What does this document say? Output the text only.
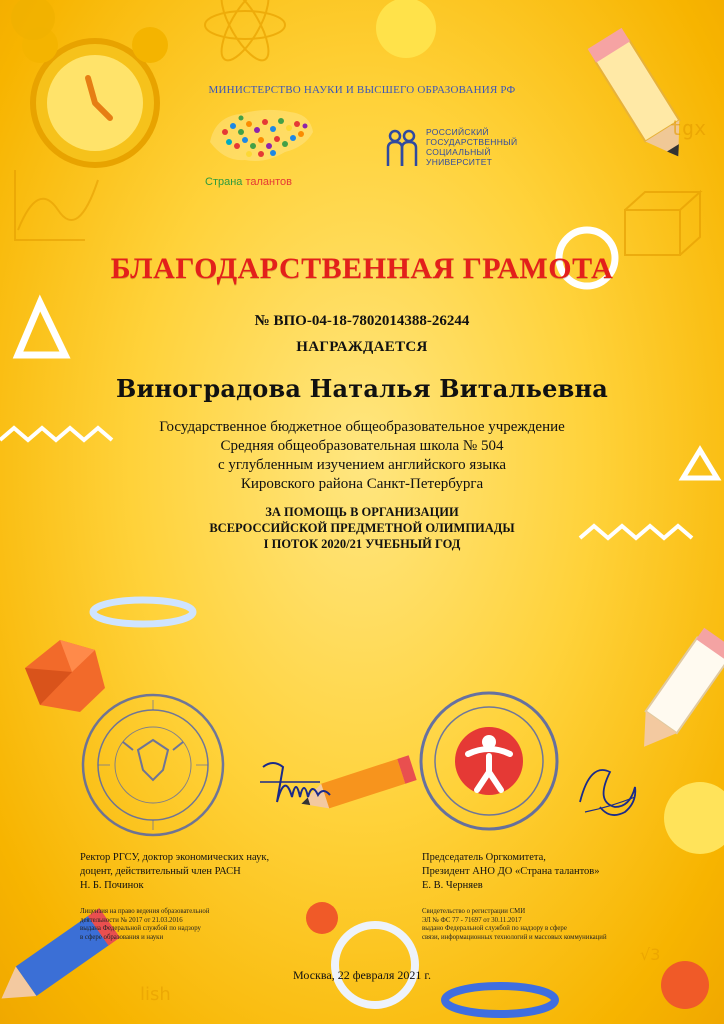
tgx
lish
√3
МИНИСТЕРСТВО НАУКИ И ВЫСШЕГО ОБРАЗОВАНИЯ РФ
Страна талантов
РОССИЙСКИЙ
ГОСУДАРСТВЕННЫЙ
СОЦИАЛЬНЫЙ
УНИВЕРСИТЕТ
БЛАГОДАРСТВЕННАЯ ГРАМОТА
№ ВПО-04-18-7802014388-26244
НАГРАЖДАЕТСЯ
Виноградова Наталья Витальевна
Государственное бюджетное общеобразовательное учреждение
Средняя общеобразовательная школа № 504
с углубленным изучением английского языка
Кировского района Санкт-Петербурга
ЗА ПОМОЩЬ В ОРГАНИЗАЦИИ
ВСЕРОССИЙСКОЙ ПРЕДМЕТНОЙ ОЛИМПИАДЫ
I ПОТОК 2020/21 УЧЕБНЫЙ ГОД
Ректор РГСУ, доктор экономических наук,
доцент, действительный член РАСН
Н. Б. Починок
Председатель Оргкомитета,
Президент АНО ДО «Страна талантов»
Е. В. Черняев
Лицензия на право ведения образовательной
деятельности № 2017 от 21.03.2016
выдана Федеральной службой по надзору
в сфере образования и науки
Свидетельство о регистрации СМИ
ЭЛ № ФС 77 - 71697 от 30.11.2017
выдано Федеральной службой по надзору в сфере
связи, информационных технологий и массовых коммуникаций
Москва, 22 февраля 2021 г.
